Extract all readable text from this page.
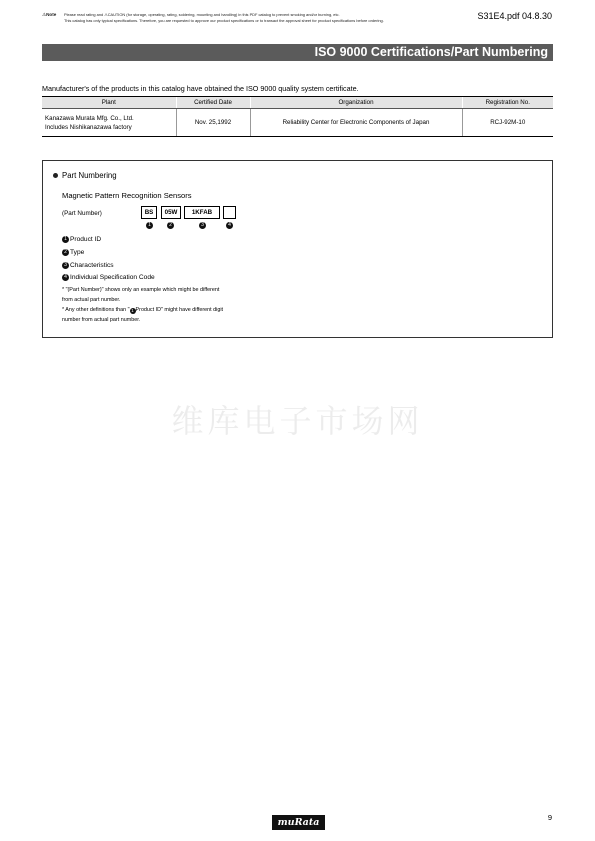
⚠Note Please read rating and ⚠CAUTION (for storage, operating, rating, soldering, mounting and handling) in this PDF catalog to prevent smoking and/or burning, etc.
This catalog has only typical specifications. Therefore, you are requested to approve our product specifications or to transact the approval sheet for product specifications before ordering.	S31E4.pdf 04.8.30
ISO 9000 Certifications/Part Numbering
Manufacturer's of the products in this catalog have obtained the ISO 9000 quality system certificate.
Plant	Certified Date	Organization	Registration No.

Kanazawa Murata Mfg. Co., Ltd.
Includes Nishikanazawa factory	Nov. 25,1992	Reliability Center for Electronic Components of Japan	RCJ-92M-10
Part Numbering
Magnetic Pattern Recognition Sensors
(Part Number)	BS	05W	1KFAB
1	2	3	4
1 Product ID
2 Type
3 Characteristics
4 Individual Specification Code
* "(Part Number)" shows only an example which might be different
from actual part number.
* Any other definitions than " 1 Product ID" might have different digit
number from actual part number.
维库电子市场网
muRata	9
